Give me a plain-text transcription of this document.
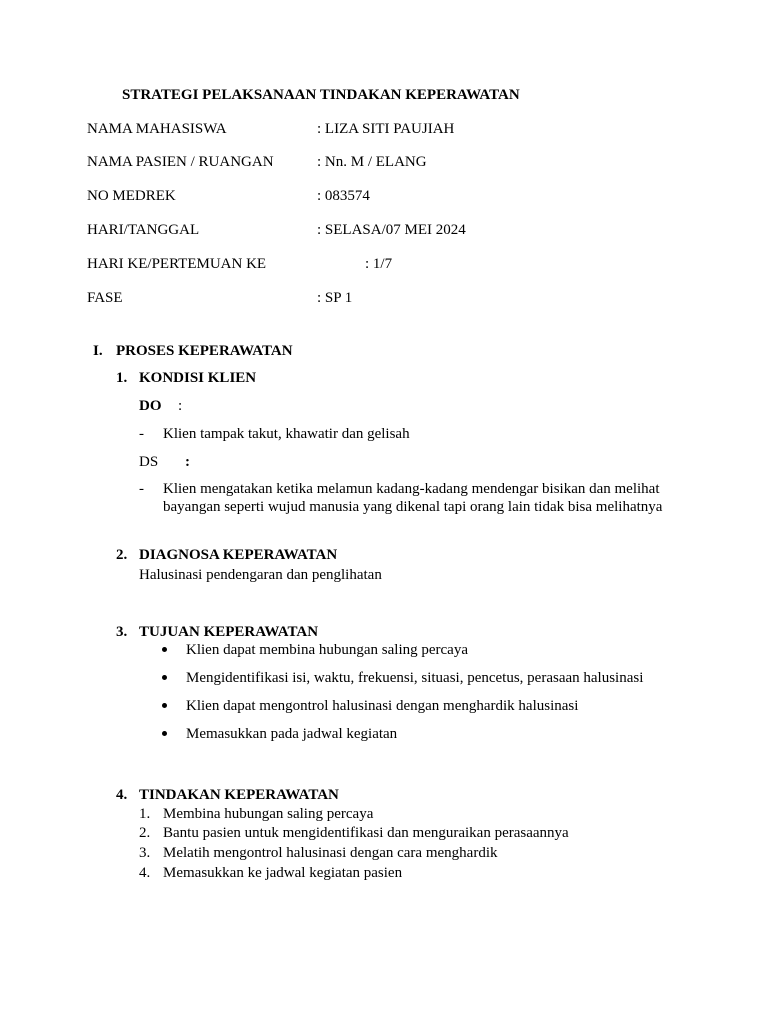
STRATEGI PELAKSANAAN TINDAKAN KEPERAWATAN
NAMA MAHASISWA	: LIZA SITI PAUJIAH
NAMA PASIEN / RUANGAN	: Nn. M / ELANG
NO MEDREK	: 083574
HARI/TANGGAL	: SELASA/07 MEI 2024
HARI KE/PERTEMUAN KE	: 1/7
FASE	: SP 1
I. PROSES KEPERAWATAN
1. KONDISI KLIEN
DO :
- Klien tampak takut, khawatir dan gelisah
DS :
- Klien mengatakan ketika melamun kadang-kadang mendengar bisikan dan melihat
bayangan seperti wujud manusia yang dikenal tapi orang lain tidak bisa melihatnya
2. DIAGNOSA KEPERAWATAN
Halusinasi pendengaran dan penglihatan
3. TUJUAN KEPERAWATAN
Klien dapat membina hubungan saling percaya
Mengidentifikasi isi, waktu, frekuensi, situasi, pencetus, perasaan halusinasi
Klien dapat mengontrol halusinasi dengan menghardik halusinasi
Memasukkan pada jadwal kegiatan
4. TINDAKAN KEPERAWATAN
1. Membina hubungan saling percaya
2. Bantu pasien untuk mengidentifikasi dan menguraikan perasaannya
3. Melatih mengontrol halusinasi dengan cara menghardik
4. Memasukkan ke jadwal kegiatan pasien
